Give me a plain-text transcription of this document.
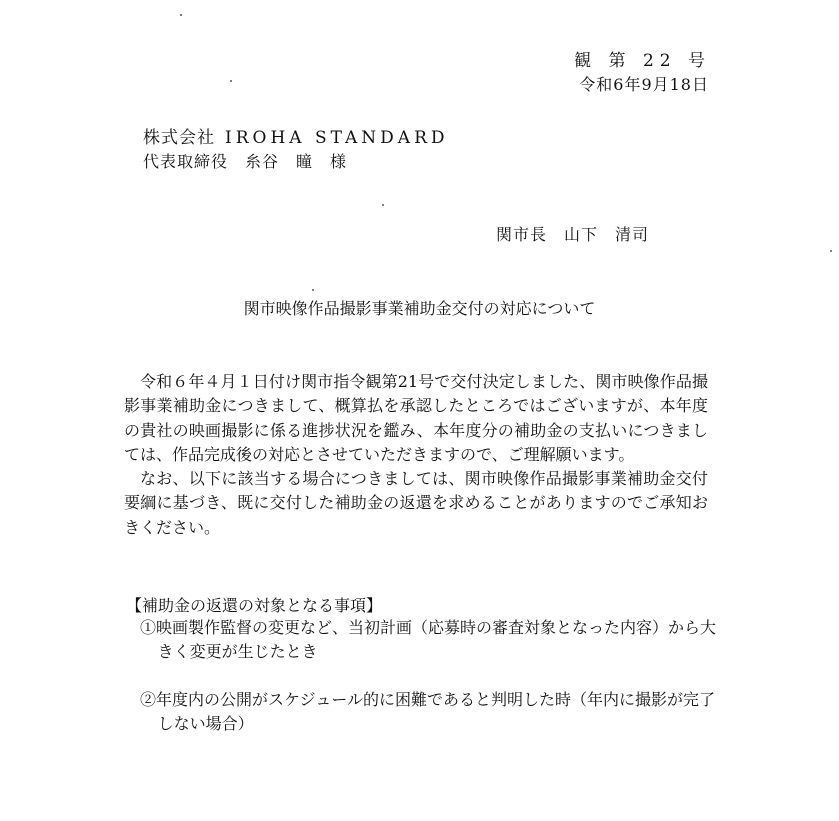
観 第 22 号
令和6年9月18日
株式会社 IROHA STANDARD
代表取締役　糸谷　瞳　様
関市長　山下　清司
関市映像作品撮影事業補助金交付の対応について

令和６年４月１日付け関市指令観第21号で交付決定しました、関市映像作品撮影事業補助金につきまして、概算払を承認したところではございますが、本年度の貴社の映画撮影に係る進捗状況を鑑み、本年度分の補助金の支払いにつきましては、作品完成後の対応とさせていただきますので、ご理解願います。

なお、以下に該当する場合につきましては、関市映像作品撮影事業補助金交付要綱に基づき、既に交付した補助金の返還を求めることがありますのでご承知おきください。

【補助金の返還の対象となる事項】
①映画製作監督の変更など、当初計画（応募時の審査対象となった内容）から大きく変更が生じたとき
②年度内の公開がスケジュール的に困難であると判明した時（年内に撮影が完了しない場合）
